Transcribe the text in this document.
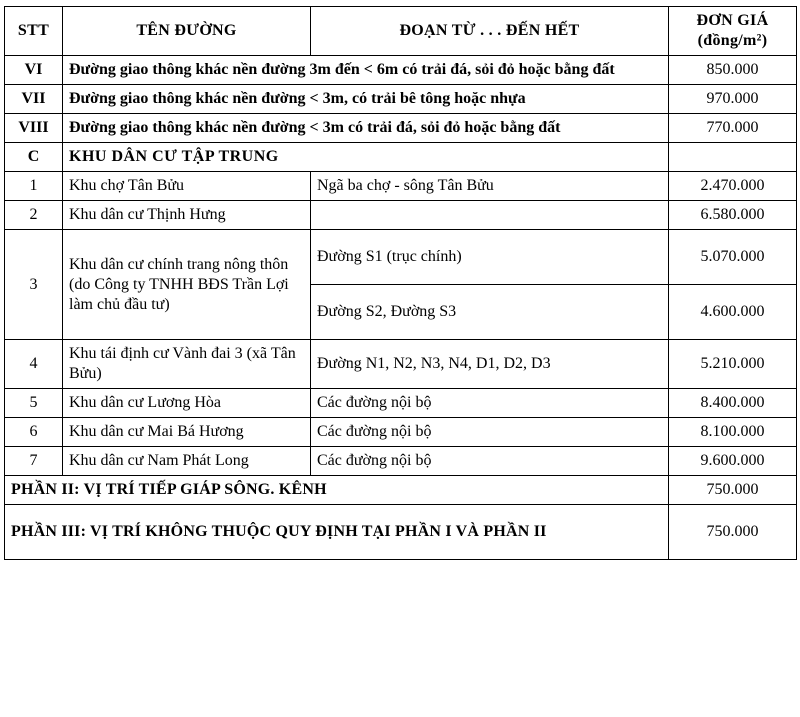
STT	TÊN ĐƯỜNG	ĐOẠN TỪ . . . ĐẾN HẾT	ĐƠN GIÁ
(đồng/m²)

VI	Đường giao thông khác nền đường 3m đến < 6m có trải đá, sỏi đỏ hoặc bằng đất		850.000
VII	Đường giao thông khác nền đường < 3m, có trải bê tông hoặc nhựa		970.000
VIII	Đường giao thông khác nền đường < 3m có trải đá, sỏi đỏ hoặc bằng đất		770.000
C	KHU DÂN CƯ TẬP TRUNG		
1	Khu chợ Tân Bửu	Ngã ba chợ - sông Tân Bửu	2.470.000
2	Khu dân cư Thịnh Hưng		6.580.000
3	Khu dân cư chính trang nông thôn (do Công ty TNHH BĐS Trần Lợi làm chủ đầu tư)	Đường S1 (trục chính)	5.070.000
		Đường S2, Đường S3	4.600.000
4	Khu tái định cư Vành đai 3 (xã Tân Bửu)	Đường N1, N2, N3, N4, D1, D2, D3	5.210.000
5	Khu dân cư Lương Hòa	Các đường nội bộ	8.400.000
6	Khu dân cư Mai Bá Hương	Các đường nội bộ	8.100.000
7	Khu dân cư Nam Phát Long	Các đường nội bộ	9.600.000
PHẦN II: VỊ TRÍ TIẾP GIÁP SÔNG. KÊNH			750.000
PHẦN III: VỊ TRÍ KHÔNG THUỘC QUY ĐỊNH TẠI PHẦN I VÀ PHẦN II			750.000
